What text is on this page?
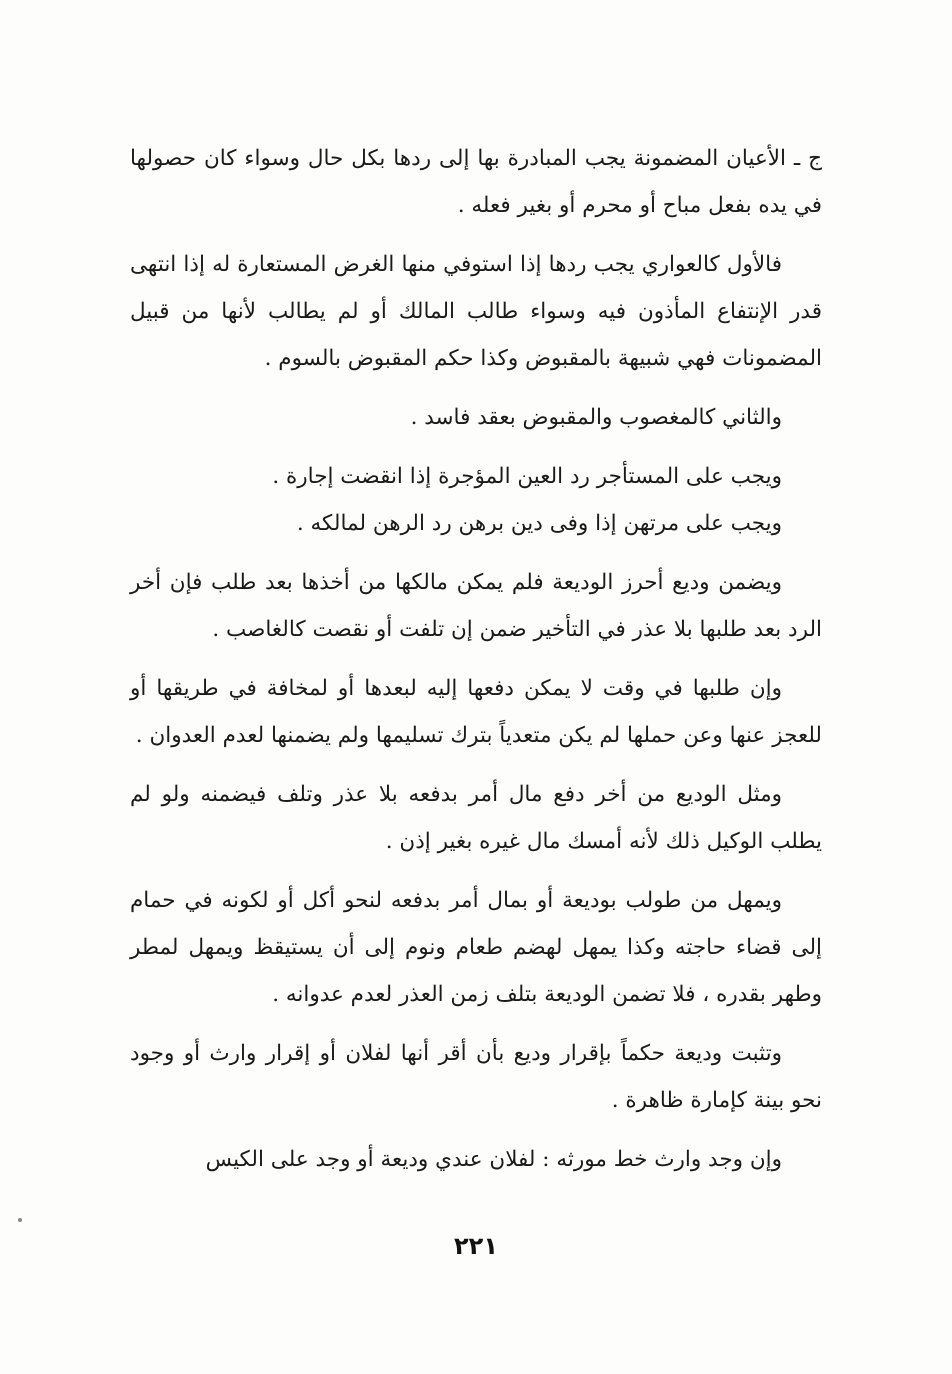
ج ـ الأعيان المضمونة يجب المبادرة بها إلى ردها بكل حال وسواء كان حصولها في يده بفعل مباح أو محرم أو بغير فعله .

فالأول كالعواري يجب ردها إذا استوفي منها الغرض المستعارة له إذا انتهى قدر الإنتفاع المأذون فيه وسواء طالب المالك أو لم يطالب لأنها من قبيل المضمونات فهي شبيهة بالمقبوض وكذا حكم المقبوض بالسوم .

والثاني كالمغصوب والمقبوض بعقد فاسد .

ويجب على المستأجر رد العين المؤجرة إذا انقضت إجارة .

ويجب على مرتهن إذا وفى دين برهن رد الرهن لمالكه .

ويضمن وديع أحرز الوديعة فلم يمكن مالكها من أخذها بعد طلب فإن أخر الرد بعد طلبها بلا عذر في التأخير ضمن إن تلفت أو نقصت كالغاصب .

وإن طلبها في وقت لا يمكن دفعها إليه لبعدها أو لمخافة في طريقها أو للعجز عنها وعن حملها لم يكن متعدياً بترك تسليمها ولم يضمنها لعدم العدوان .

ومثل الوديع من أخر دفع مال أمر بدفعه بلا عذر وتلف فيضمنه ولو لم يطلب الوكيل ذلك لأنه أمسك مال غيره بغير إذن .

ويمهل من طولب بوديعة أو بمال أمر بدفعه لنحو أكل أو لكونه في حمام إلى قضاء حاجته وكذا يمهل لهضم طعام ونوم إلى أن يستيقظ ويمهل لمطر وطهر بقدره ، فلا تضمن الوديعة بتلف زمن العذر لعدم عدوانه .

وتثبت وديعة حكماً بإقرار وديع بأن أقر أنها لفلان أو إقرار وارث أو وجود نحو بينة كإمارة ظاهرة .

وإن وجد وارث خط مورثه : لفلان عندي وديعة أو وجد على الكيس

٢٢١
